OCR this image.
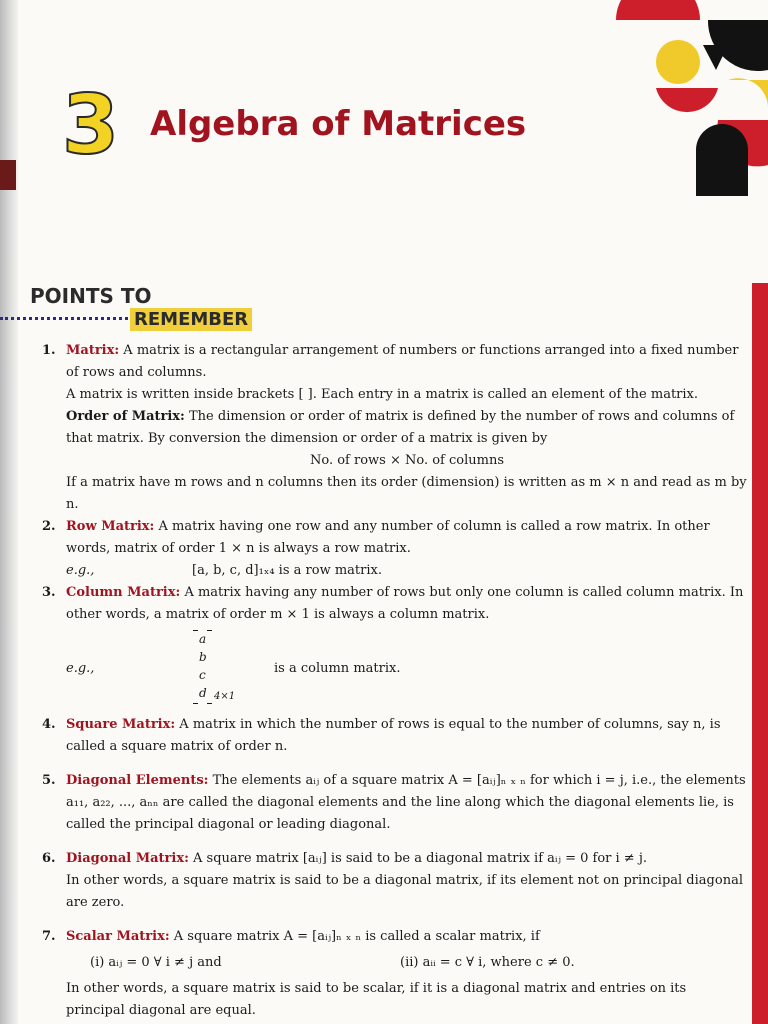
3 Algebra of Matrices
POINTS TO
REMEMBER
1. Matrix: A matrix is a rectangular arrangement of numbers or functions arranged into a fixed number of rows and columns.

A matrix is written inside brackets [ ]. Each entry in a matrix is called an element of the matrix.

Order of Matrix: The dimension or order of matrix is defined by the number of rows and columns of that matrix. By conversion the dimension or order of a matrix is given by

No. of rows × No. of columns

If a matrix have m rows and n columns then its order (dimension) is written as m × n and read as m by n.

2. Row Matrix: A matrix having one row and any number of column is called a row matrix. In other words, matrix of order 1 × n is always a row matrix.

e.g.,	[a, b, c, d]₁ₓ₄ is a row matrix.
3. Column Matrix: A matrix having any number of rows but only one column is called column matrix. In other words, a matrix of order m × 1 is always a column matrix.

e.g.,
a
b
c
d 4×1
is a column matrix.
4. Square Matrix: A matrix in which the number of rows is equal to the number of columns, say n, is called a square matrix of order n.

5. Diagonal Elements: The elements aᵢⱼ of a square matrix A = [aᵢⱼ]ₙ ₓ ₙ for which i = j, i.e., the elements a₁₁, a₂₂, ..., aₙₙ are called the diagonal elements and the line along which the diagonal elements lie, is called the principal diagonal or leading diagonal.

6. Diagonal Matrix: A square matrix [aᵢⱼ] is said to be a diagonal matrix if aᵢⱼ = 0 for i ≠ j.

In other words, a square matrix is said to be a diagonal matrix, if its element not on principal diagonal are zero.

7. Scalar Matrix: A square matrix A = [aᵢⱼ]ₙ ₓ ₙ is called a scalar matrix, if

(i) aᵢⱼ = 0 ∀ i ≠ j and	(ii) aᵢᵢ = c ∀ i, where c ≠ 0.

In other words, a square matrix is said to be scalar, if it is a diagonal matrix and entries on its principal diagonal are equal.
